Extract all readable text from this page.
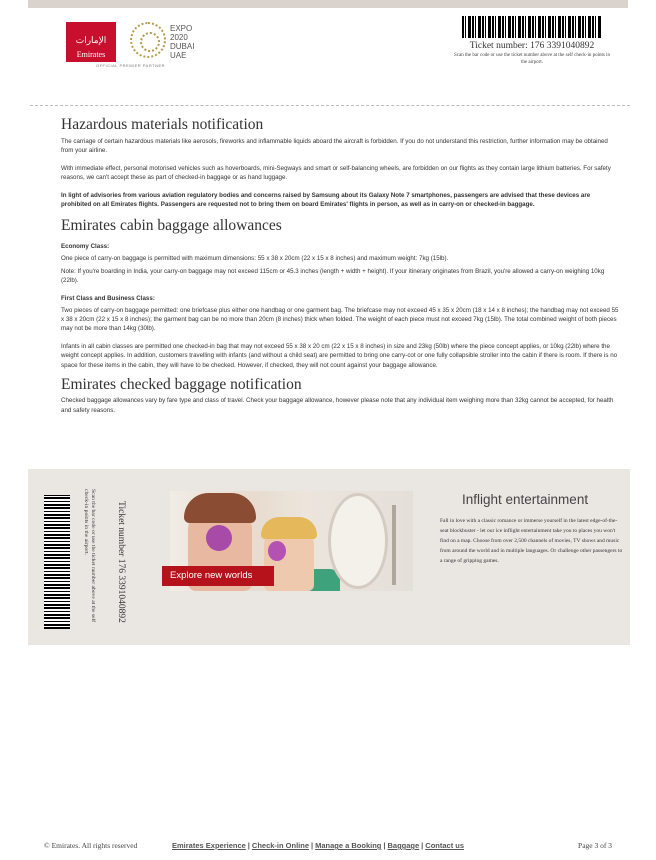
الإمارات
Emirates
EXPO
2020
DUBAI
UAE
OFFICIAL PREMIER PARTNER
Ticket number: 176 3391040892
Scan the bar code or use the ticket number above at the self check-in points in the airport.
Hazardous materials notification

The carriage of certain hazardous materials like aerosols, fireworks and inflammable liquids aboard the aircraft is forbidden. If you do not understand this restriction, further information may be obtained from your airline.

With immediate effect, personal motorised vehicles such as hoverboards, mini-Segways and smart or self-balancing wheels, are forbidden on our flights as they contain large lithium batteries. For safety reasons, we can't accept these as part of checked-in baggage or as hand luggage.

In light of advisories from various aviation regulatory bodies and concerns raised by Samsung about its Galaxy Note 7 smartphones, passengers are advised that these devices are prohibited on all Emirates flights. Passengers are requested not to bring them on board Emirates' flights in person, as well as in carry-on or checked-in baggage.

Emirates cabin baggage allowances
Economy Class:

One piece of carry-on baggage is permitted with maximum dimensions: 55 x 38 x 20cm (22 x 15 x 8 inches) and maximum weight: 7kg (15lb).

Note: If you're boarding in India, your carry-on baggage may not exceed 115cm or 45.3 inches (length + width + height). If your itinerary originates from Brazil, you're allowed a carry-on weighing 10kg (22lb).

First Class and Business Class:

Two pieces of carry-on baggage permitted: one briefcase plus either one handbag or one garment bag. The briefcase may not exceed 45 x 35 x 20cm (18 x 14 x 8 inches); the handbag may not exceed 55 x 38 x 20cm (22 x 15 x 8 inches); the garment bag can be no more than 20cm (8 inches) thick when folded. The weight of each piece must not exceed 7kg (15lb). The total combined weight of both pieces may not be more than 14kg (30lb).

Infants in all cabin classes are permitted one checked-in bag that may not exceed 55 x 38 x 20 cm (22 x 15 x 8 inches) in size and 23kg (50lb) where the piece concept applies, or 10kg (22lb) where the weight concept applies. In addition, customers travelling with infants (and without a child seat) are permitted to bring one carry-cot or one fully collapsible stroller into the cabin if there is room. If there is no space for these items in the cabin, they will have to be checked. However, if checked, they will not count against your baggage allowance.

Emirates checked baggage notification

Checked baggage allowances vary by fare type and class of travel. Check your baggage allowance, however please note that any individual item weighing more than 32kg cannot be accepted, for health and safety reasons.

Scan the bar code or use the ticket number above at the self check-in points in the airport.	Ticket number 176 3391040892	Explore new worlds
Inflight entertainment
Fall in love with a classic romance or immerse yourself in the latest edge-of-the-seat blockbuster - let our ice inflight entertainment take you to places you won't find on a map. Choose from over 2,500 channels of movies, TV shows and music from around the world and in multiple languages. Or challenge other passengers to a range of gripping games.
© Emirates. All rights reserved	Emirates Experience | Check-in Online | Manage a Booking | Baggage | Contact us	Page 3 of 3
